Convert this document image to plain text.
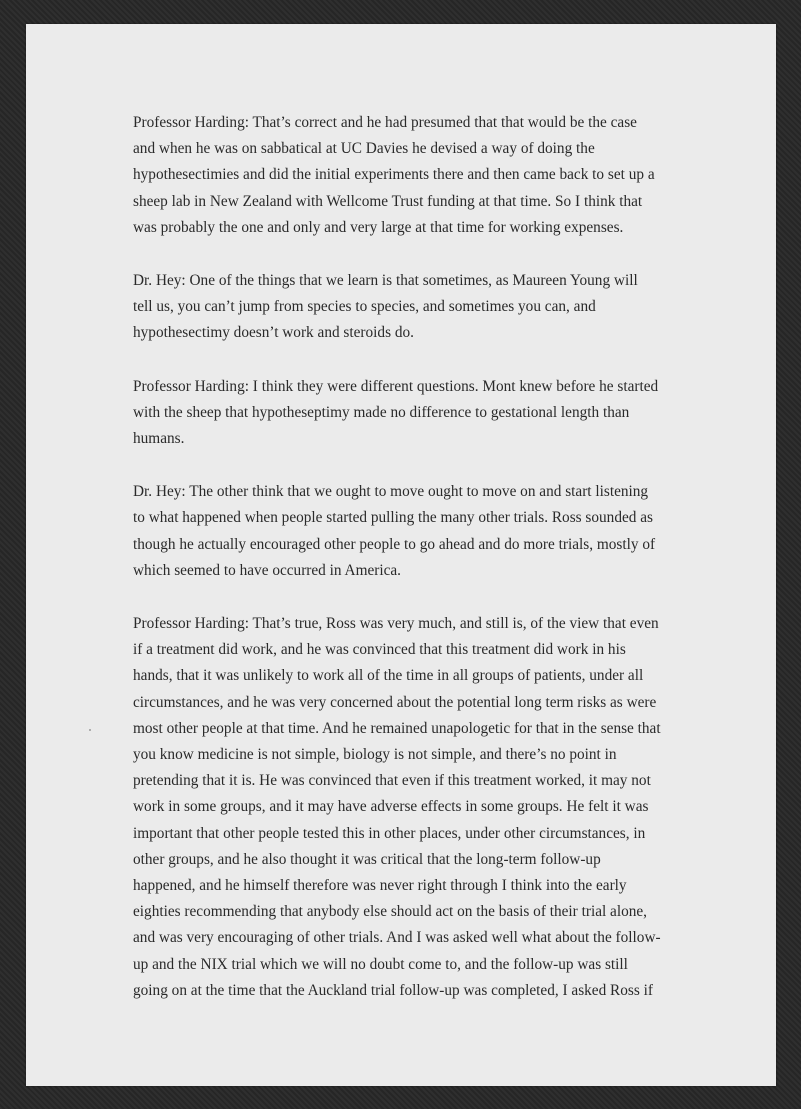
Professor Harding: That’s correct and he had presumed that that would be the case
and when he was on sabbatical at UC Davies he devised a way of doing the
hypothesectimies and did the initial experiments there and then came back to set up a
sheep lab in New Zealand with Wellcome Trust funding at that time. So I think that
was probably the one and only and very large at that time for working expenses.
Dr. Hey: One of the things that we learn is that sometimes, as Maureen Young will
tell us, you can’t jump from species to species, and sometimes you can, and
hypothesectimy doesn’t work and steroids do.
Professor Harding: I think they were different questions. Mont knew before he started
with the sheep that hypotheseptimy made no difference to gestational length than
humans.
Dr. Hey: The other think that we ought to move ought to move on and start listening
to what happened when people started pulling the many other trials. Ross sounded as
though he actually encouraged other people to go ahead and do more trials, mostly of
which seemed to have occurred in America.
Professor Harding: That’s true, Ross was very much, and still is, of the view that even
if a treatment did work, and he was convinced that this treatment did work in his
hands, that it was unlikely to work all of the time in all groups of patients, under all
circumstances, and he was very concerned about the potential long term risks as were
most other people at that time. And he remained unapologetic for that in the sense that
you know medicine is not simple, biology is not simple, and there’s no point in
pretending that it is. He was convinced that even if this treatment worked, it may not
work in some groups, and it may have adverse effects in some groups. He felt it was
important that other people tested this in other places, under other circumstances, in
other groups, and he also thought it was critical that the long-term follow-up
happened, and he himself therefore was never right through I think into the early
eighties recommending that anybody else should act on the basis of their trial alone,
and was very encouraging of other trials. And I was asked well what about the follow-
up and the NIX trial which we will no doubt come to, and the follow-up was still
going on at the time that the Auckland trial follow-up was completed, I asked Ross if
